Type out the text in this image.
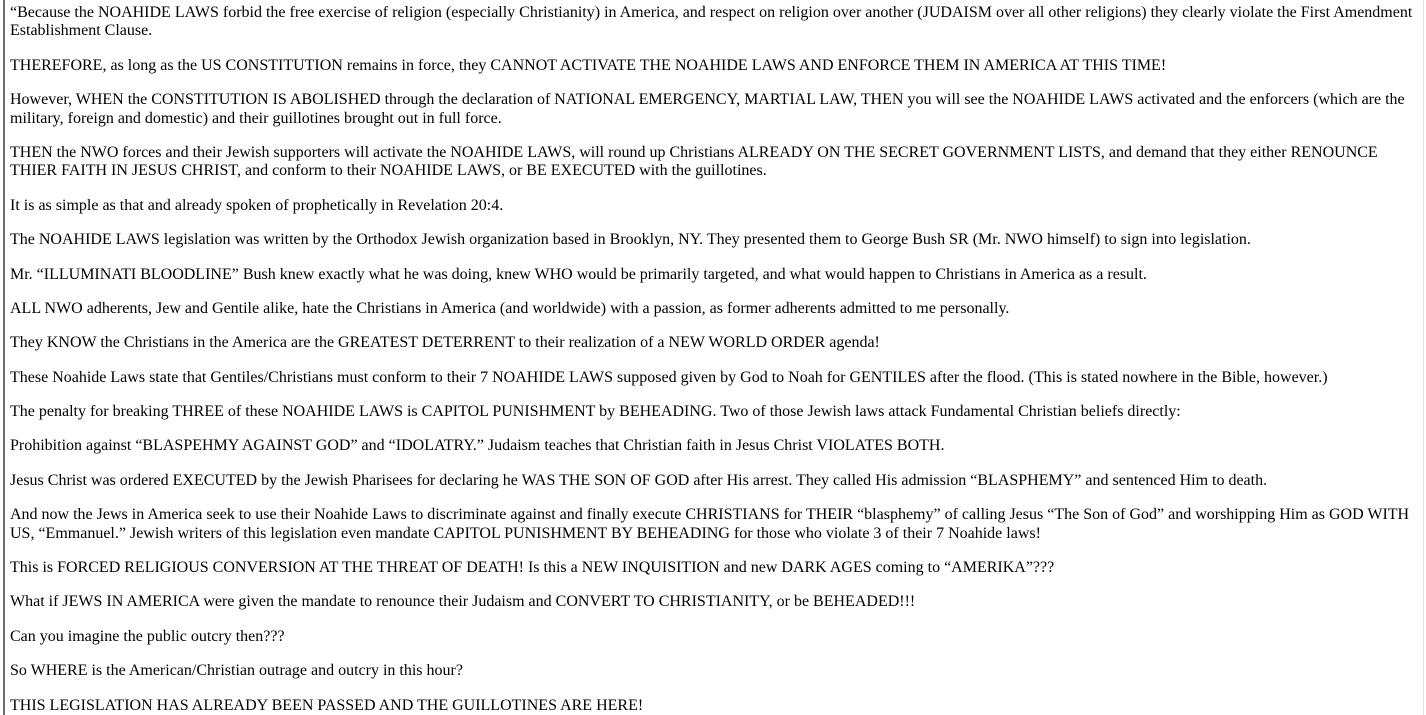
“Because the NOAHIDE LAWS forbid the free exercise of religion (especially Christianity) in America, and respect on religion over another (JUDAISM over all other religions) they clearly violate the First Amendment Establishment Clause.

THEREFORE, as long as the US CONSTITUTION remains in force, they CANNOT ACTIVATE THE NOAHIDE LAWS AND ENFORCE THEM IN AMERICA AT THIS TIME!

However, WHEN the CONSTITUTION IS ABOLISHED through the declaration of NATIONAL EMERGENCY, MARTIAL LAW, THEN you will see the NOAHIDE LAWS activated and the enforcers (which are the military, foreign and domestic) and their guillotines brought out in full force.

THEN the NWO forces and their Jewish supporters will activate the NOAHIDE LAWS, will round up Christians ALREADY ON THE SECRET GOVERNMENT LISTS, and demand that they either RENOUNCE THIER FAITH IN JESUS CHRIST, and conform to their NOAHIDE LAWS, or BE EXECUTED with the guillotines.

It is as simple as that and already spoken of prophetically in Revelation 20:4.

The NOAHIDE LAWS legislation was written by the Orthodox Jewish organization based in Brooklyn, NY. They presented them to George Bush SR (Mr. NWO himself) to sign into legislation.

Mr. “ILLUMINATI BLOODLINE” Bush knew exactly what he was doing, knew WHO would be primarily targeted, and what would happen to Christians in America as a result.

ALL NWO adherents, Jew and Gentile alike, hate the Christians in America (and worldwide) with a passion, as former adherents admitted to me personally.

They KNOW the Christians in the America are the GREATEST DETERRENT to their realization of a NEW WORLD ORDER agenda!

These Noahide Laws state that Gentiles/Christians must conform to their 7 NOAHIDE LAWS supposed given by God to Noah for GENTILES after the flood. (This is stated nowhere in the Bible, however.)

The penalty for breaking THREE of these NOAHIDE LAWS is CAPITOL PUNISHMENT by BEHEADING. Two of those Jewish laws attack Fundamental Christian beliefs directly:

Prohibition against “BLASPEHMY AGAINST GOD” and “IDOLATRY.” Judaism teaches that Christian faith in Jesus Christ VIOLATES BOTH.

Jesus Christ was ordered EXECUTED by the Jewish Pharisees for declaring he WAS THE SON OF GOD after His arrest. They called His admission “BLASPHEMY” and sentenced Him to death.

And now the Jews in America seek to use their Noahide Laws to discriminate against and finally execute CHRISTIANS for THEIR “blasphemy” of calling Jesus “The Son of God” and worshipping Him as GOD WITH US, “Emmanuel.” Jewish writers of this legislation even mandate CAPITOL PUNISHMENT BY BEHEADING for those who violate 3 of their 7 Noahide laws!

This is FORCED RELIGIOUS CONVERSION AT THE THREAT OF DEATH! Is this a NEW INQUISITION and new DARK AGES coming to “AMERIKA”???

What if JEWS IN AMERICA were given the mandate to renounce their Judaism and CONVERT TO CHRISTIANITY, or be BEHEADED!!!

Can you imagine the public outcry then???

So WHERE is the American/Christian outrage and outcry in this hour?

THIS LEGISLATION HAS ALREADY BEEN PASSED AND THE GUILLOTINES ARE HERE!
